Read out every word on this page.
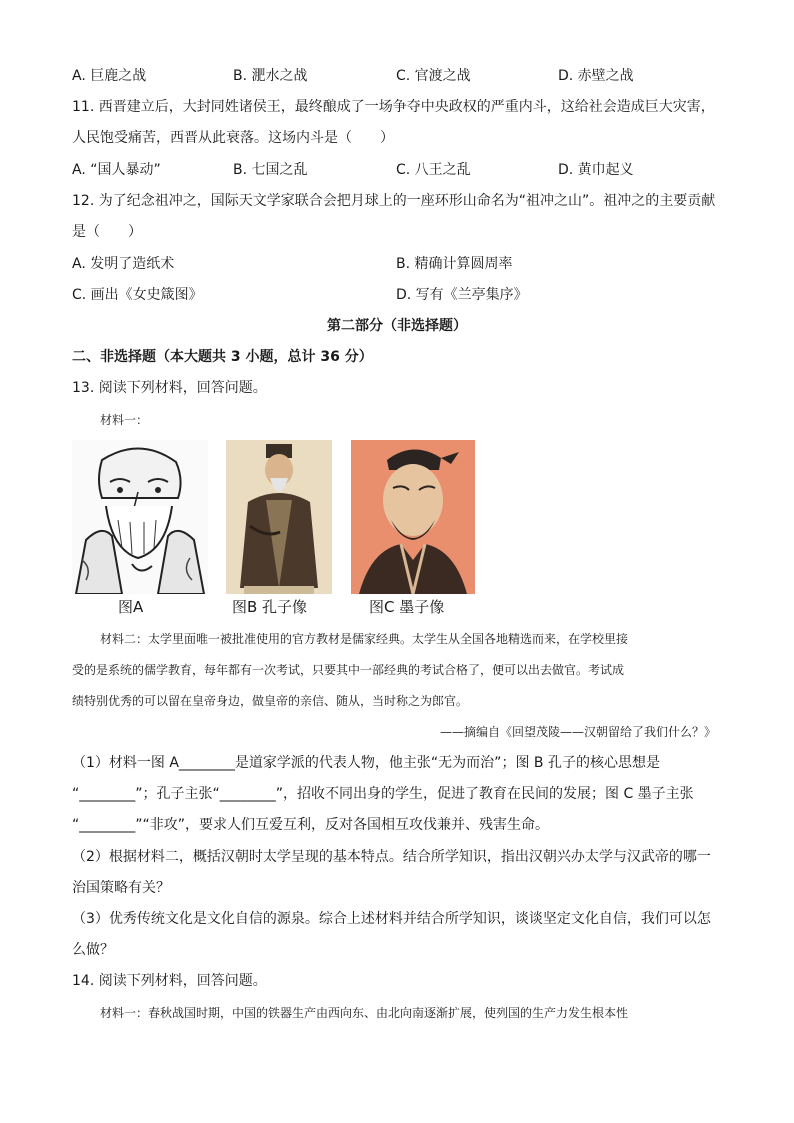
A. 巨鹿之战	B. 淝水之战	C. 官渡之战	D. 赤壁之战
11. 西晋建立后，大封同姓诸侯王，最终酿成了一场争夺中央政权的严重内斗，这给社会造成巨大灾害，
人民饱受痛苦，西晋从此衰落。这场内斗是（　　）
A. “国人暴动”	B. 七国之乱	C. 八王之乱	D. 黄巾起义
12. 为了纪念祖冲之，国际天文学家联合会把月球上的一座环形山命名为“祖冲之山”。祖冲之的主要贡献
是（　　）
A. 发明了造纸术	B. 精确计算圆周率
C. 画出《女史箴图》	D. 写有《兰亭集序》
第二部分（非选择题）
二、非选择题（本大题共 3 小题，总计 36 分）
13. 阅读下列材料，回答问题。
材料一：
图A	图B 孔子像	图C 墨子像
材料二：太学里面唯一被批准使用的官方教材是儒家经典。太学生从全国各地精选而来，在学校里接
受的是系统的儒学教育，每年都有一次考试，只要其中一部经典的考试合格了，便可以出去做官。考试成
绩特别优秀的可以留在皇帝身边，做皇帝的亲信、随从，当时称之为郎官。
——摘编自《回望茂陵——汉朝留给了我们什么？》
（1）材料一图 A________是道家学派的代表人物，他主张“无为而治”；图 B 孔子的核心思想是
“________”；孔子主张“________”，招收不同出身的学生，促进了教育在民间的发展；图 C 墨子主张
“________”“非攻”，要求人们互爱互利，反对各国相互攻伐兼并、残害生命。
（2）根据材料二，概括汉朝时太学呈现的基本特点。结合所学知识，指出汉朝兴办太学与汉武帝的哪一
治国策略有关？
（3）优秀传统文化是文化自信的源泉。综合上述材料并结合所学知识，谈谈坚定文化自信，我们可以怎
么做？
14. 阅读下列材料，回答问题。
材料一：春秋战国时期，中国的铁器生产由西向东、由北向南逐渐扩展，使列国的生产力发生根本性
